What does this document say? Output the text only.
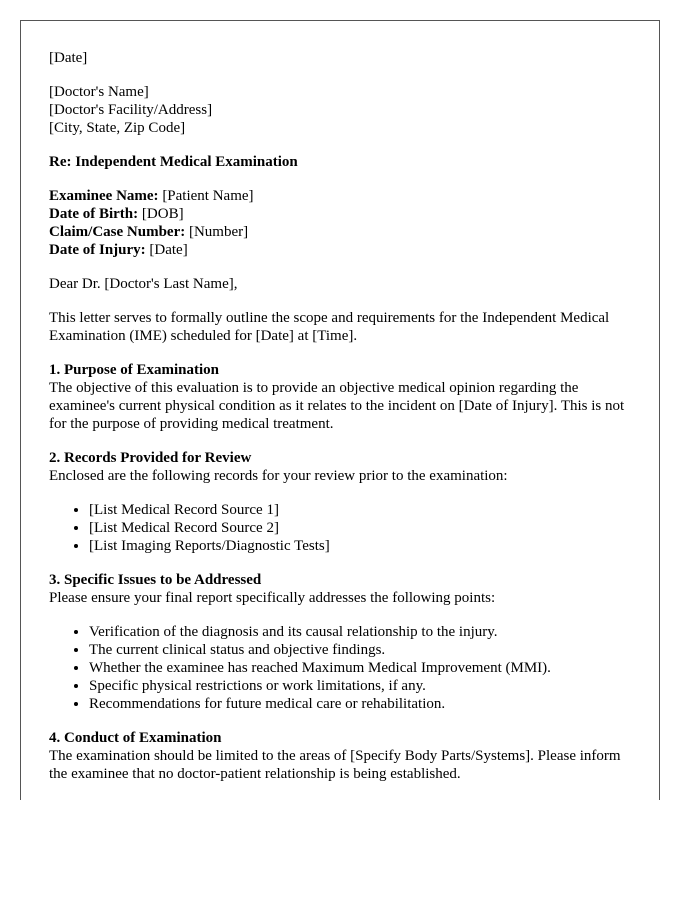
[Date]
[Doctor's Name]
[Doctor's Facility/Address]
[City, State, Zip Code]
Re: Independent Medical Examination
Examinee Name: [Patient Name]
Date of Birth: [DOB]
Claim/Case Number: [Number]
Date of Injury: [Date]

Dear Dr. [Doctor's Last Name],

This letter serves to formally outline the scope and requirements for the Independent Medical Examination (IME) scheduled for [Date] at [Time].

1. Purpose of Examination

The objective of this evaluation is to provide an objective medical opinion regarding the examinee's current physical condition as it relates to the incident on [Date of Injury]. This is not for the purpose of providing medical treatment.

2. Records Provided for Review

Enclosed are the following records for your review prior to the examination:

• [List Medical Record Source 1]
• [List Medical Record Source 2]
• [List Imaging Reports/Diagnostic Tests]
3. Specific Issues to be Addressed

Please ensure your final report specifically addresses the following points:

• Verification of the diagnosis and its causal relationship to the injury.
• The current clinical status and objective findings.
• Whether the examinee has reached Maximum Medical Improvement (MMI).
• Specific physical restrictions or work limitations, if any.
• Recommendations for future medical care or rehabilitation.
4. Conduct of Examination

The examination should be limited to the areas of [Specify Body Parts/Systems]. Please inform the examinee that no doctor-patient relationship is being established.
